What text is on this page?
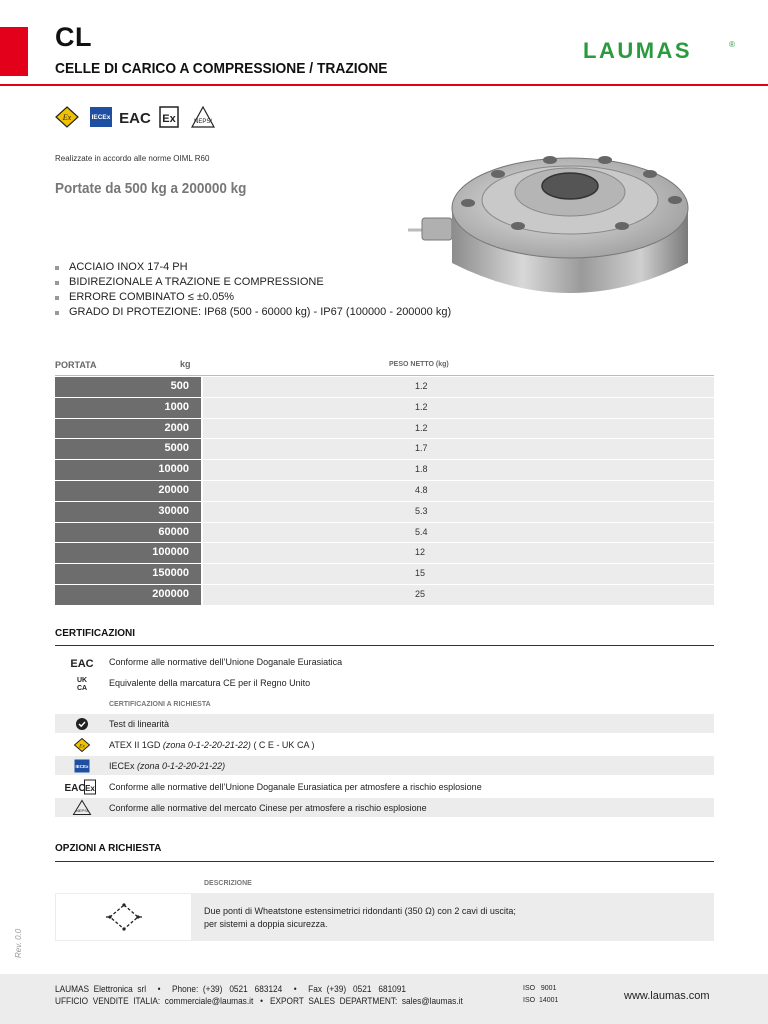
CL
CELLE DI CARICO A COMPRESSIONE / TRAZIONE
LAUMAS	®
Ex	IECEx EAC Ex	NEPSI
Realizzate in accordo alle norme OIML R60
Portate da 500 kg a 200000 kg
ACCIAIO INOX 17-4 PH
BIDIREZIONALE A TRAZIONE E COMPRESSIONE
ERRORE COMBINATO ≤ ±0.05%
GRADO DI PROTEZIONE: IP68 (500 - 60000 kg) - IP67 (100000 - 200000 kg)
PORTATA	kg	PESO NETTO (kg)
500	1.2
1000	1.2
2000	1.2
5000	1.7
10000	1.8
20000	4.8
30000	5.3
60000	5.4
100000	12
150000	15
200000	25
CERTIFICAZIONI
EAC Conforme alle normative dell’Unione Doganale Eurasiatica
UK
CA
Equivalente della marcatura CE per il Regno Unito
CERTIFICAZIONI A RICHIESTA
Test di linearità
Ex	ATEX II 1GD (zona 0-1-2-20-21-22) ( C E - UK CA )
IECEx IECEx (zona 0-1-2-20-21-22)
EAC Ex Conforme alle normative dell’Unione Doganale Eurasiatica per atmosfere a rischio esplosione
NEPSI Conforme alle normative del mercato Cinese per atmosfere a rischio esplosione
OPZIONI A RICHIESTA
DESCRIZIONE
Due ponti di Wheatstone estensimetrici ridondanti (350 Ω) con 2 cavi di uscita;
per sistemi a doppia sicurezza.
Rev. 0.0
LAUMAS  Elettronica  srl     •     Phone:  (+39)   0521   683124     •     Fax  (+39)   0521   681091
UFFICIO  VENDITE  ITALIA:  commerciale@laumas.it   •   EXPORT  SALES  DEPARTMENT:  sales@laumas.it
ISO   9001
ISO  14001	www.laumas.com
